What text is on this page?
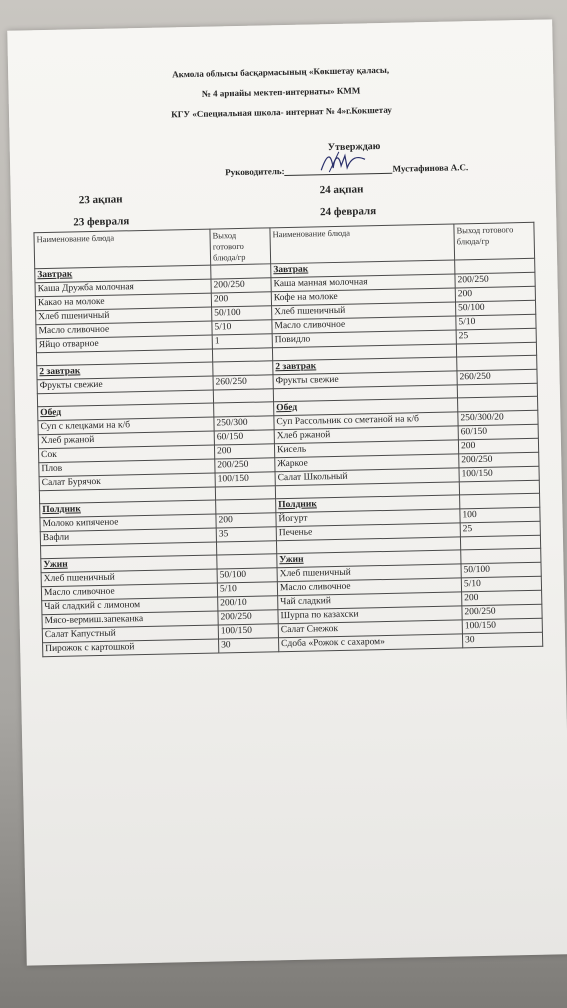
Акмола облысы басқармасының «Көкшетау қаласы,
№ 4 арнайы мектеп-интернаты» КММ
КГУ «Специальная школа- интернат № 4»г.Кокшетау
Утверждаю
Руководитель:	Мустафинова А.С.
23 ақпан
24 ақпан
23 февраля
24 февраля
Наименование блюда	Выход готового блюда/гр	Наименование блюда	Выход готового блюда/гр
Завтрак		Завтрак	
Каша Дружба молочная	200/250	Каша манная молочная	200/250
Какао на молоке	200	Кофе на молоке	200
Хлеб пшеничный	50/100	Хлеб пшеничный	50/100
Масло сливочное	5/10	Масло сливочное	5/10
Яйцо отварное	1	Повидло	25

2 завтрак		2 завтрак	
Фрукты свежие	260/250	Фрукты свежие	260/250

Обед		Обед	
Суп с клецками на к/б	250/300	Суп Рассольник со сметаной на к/б	250/300/20
Хлеб ржаной	60/150	Хлеб ржаной	60/150
Сок	200	Кисель	200
Плов	200/250	Жаркое	200/250
Салат Бурячок	100/150	Салат Школьный	100/150

Полдник		Полдник	
Молоко кипяченое	200	Йогурт	100
Вафли	35	Печенье	25

Ужин		Ужин	
Хлеб пшеничный	50/100	Хлеб пшеничный	50/100
Масло сливочное	5/10	Масло сливочное	5/10
Чай сладкий с лимоном	200/10	Чай сладкий	200
Мясо-вермиш.запеканка	200/250	Шурпа по казахски	200/250
Салат Капустный	100/150	Салат Снежок	100/150
Пирожок с картошкой	30	Сдоба «Рожок с сахаром»	30
